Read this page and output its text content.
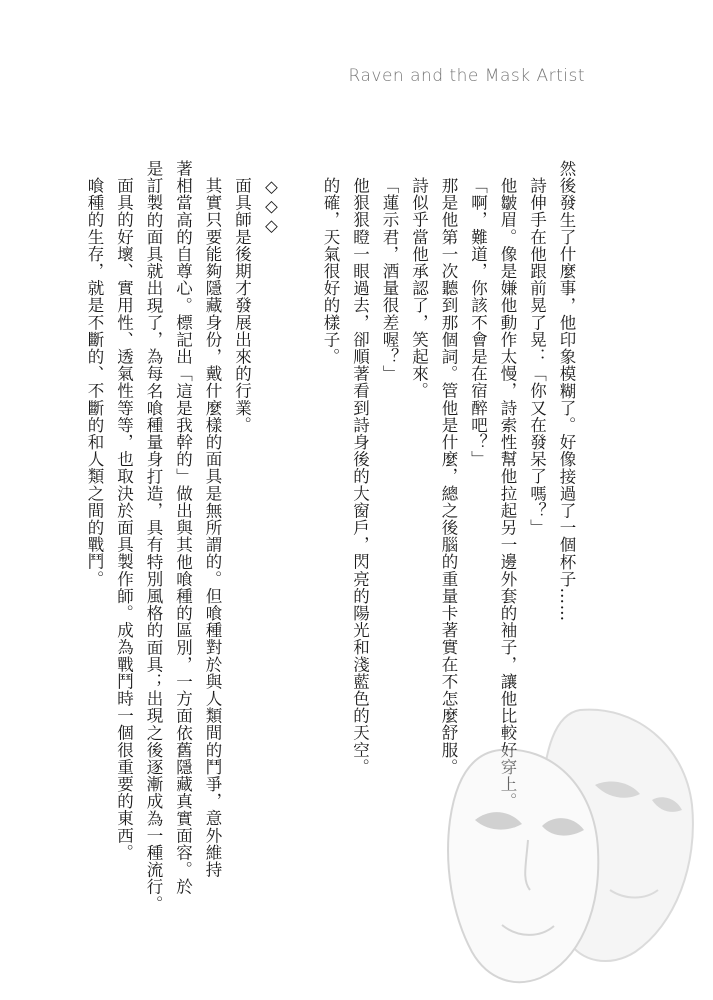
Raven and the Mask Artist

然後發生了什麼事，他印象模糊了。好像接過了一個杯子……

詩伸手在他跟前晃了晃：「你又在發呆了嗎？」

他皺眉。像是嫌他動作太慢，詩索性幫他拉起另一邊外套的袖子，讓他比較好穿上。

「啊，難道，你該不會是在宿醉吧？」

那是他第一次聽到那個詞。管他是什麼，總之後腦的重量卡著實在不怎麼舒服。

詩似乎當他承認了，笑起來。

「蓮示君，酒量很差喔？」

他狠狠瞪一眼過去，卻順著看到詩身後的大窗戶，閃亮的陽光和淺藍色的天空。

的確，天氣很好的樣子。

◇◇◇

面具師是後期才發展出來的行業。

其實只要能夠隱藏身份，戴什麼樣的面具是無所謂的。但喰種對於與人類間的鬥爭，意外維持

著相當高的自尊心。標記出「這是我幹的」做出與其他喰種的區別，一方面依舊隱藏真實面容。於

是訂製的面具就出現了，為每名喰種量身打造，具有特別風格的面具；出現之後逐漸成為一種流行。

面具的好壞、實用性、透氣性等等，也取決於面具製作師。成為戰鬥時一個很重要的東西。

喰種的生存，就是不斷的、不斷的和人類之間的戰鬥。
